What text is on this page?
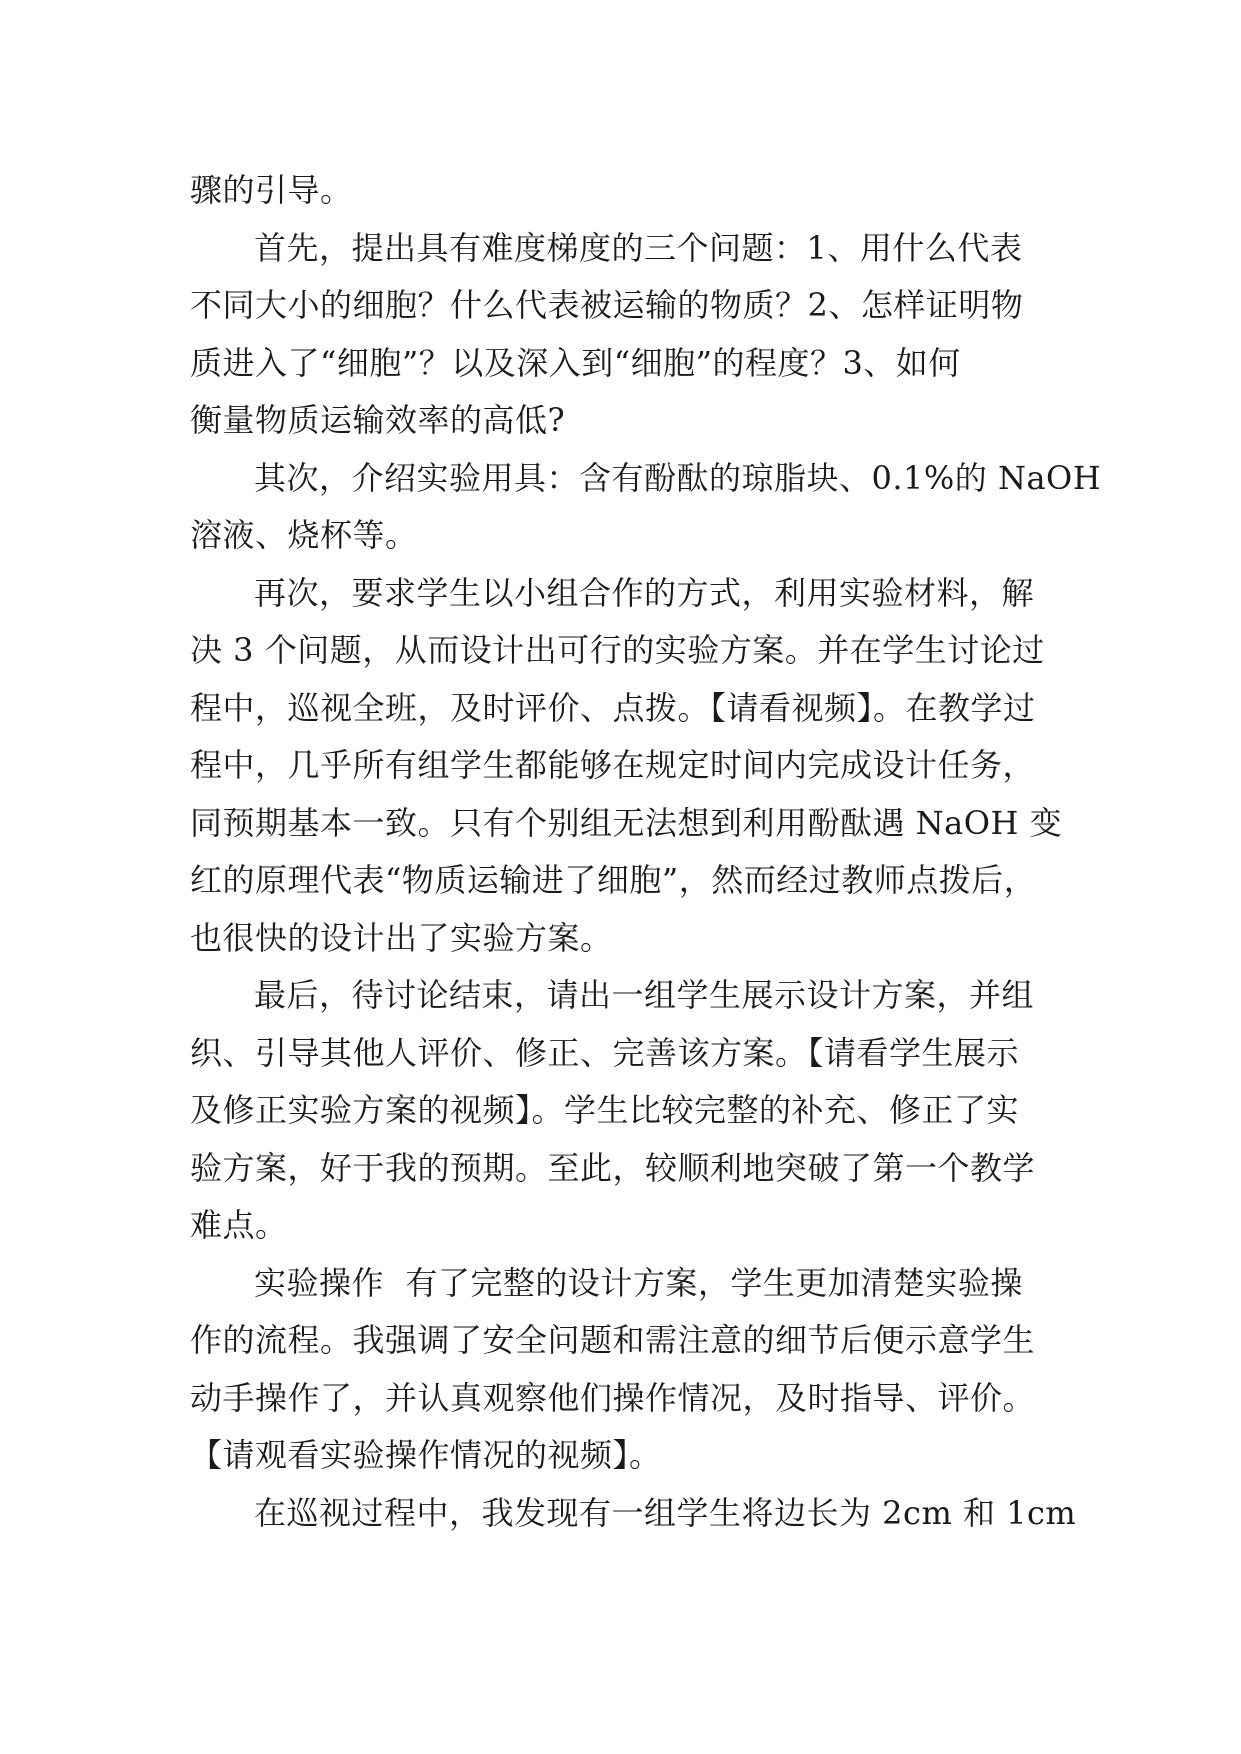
骤的引导。

首先，提出具有难度梯度的三个问题：1、用什么代表
不同大小的细胞？什么代表被运输的物质？2、怎样证明物
质进入了“细胞”？以及深入到“细胞”的程度？3、如何
衡量物质运输效率的高低?

其次，介绍实验用具：含有酚酞的琼脂块、0.1%的 NaOH
溶液、烧杯等。

再次，要求学生以小组合作的方式，利用实验材料，解
决 3 个问题，从而设计出可行的实验方案。并在学生讨论过
程中，巡视全班，及时评价、点拨。【请看视频】。在教学过
程中，几乎所有组学生都能够在规定时间内完成设计任务，
同预期基本一致。只有个别组无法想到利用酚酞遇 NaOH 变
红的原理代表“物质运输进了细胞”，然而经过教师点拨后，
也很快的设计出了实验方案。

最后，待讨论结束，请出一组学生展示设计方案，并组
织、引导其他人评价、修正、完善该方案。【请看学生展示
及修正实验方案的视频】。学生比较完整的补充、修正了实
验方案，好于我的预期。至此，较顺利地突破了第一个教学
难点。

实验操作  有了完整的设计方案，学生更加清楚实验操
作的流程。我强调了安全问题和需注意的细节后便示意学生
动手操作了，并认真观察他们操作情况，及时指导、评价。
【请观看实验操作情况的视频】。

在巡视过程中，我发现有一组学生将边长为 2cm 和 1cm
